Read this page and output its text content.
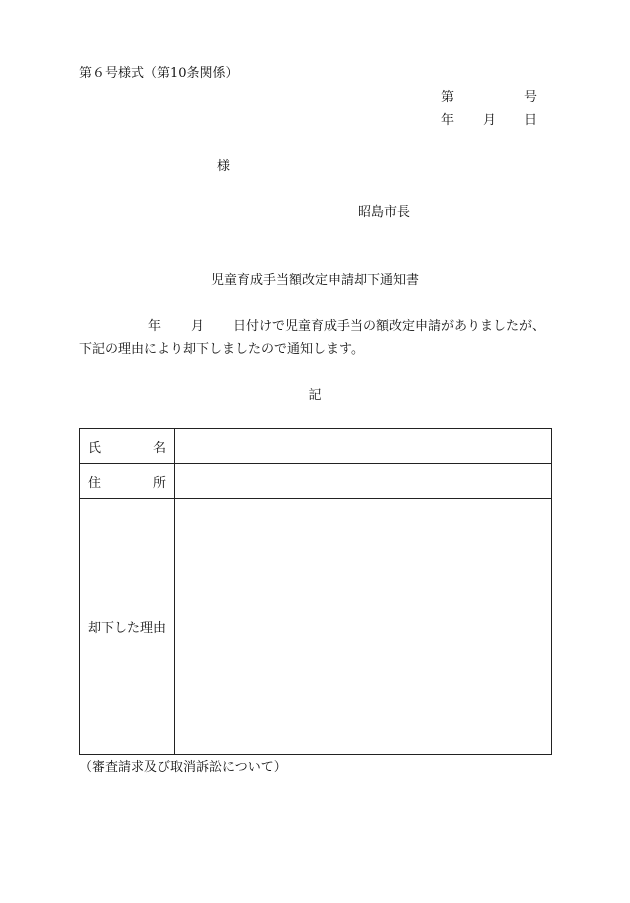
第６号様式（第10条関係）
第	号
年 月 日
様
昭島市長
児童育成手当額改定申請却下通知書
年 月 日付けで児童育成手当の額改定申請がありましたが、
下記の理由により却下しましたので通知します。
記
氏 名	

住 所	

却下した理由	
（審査請求及び取消訴訟について）
